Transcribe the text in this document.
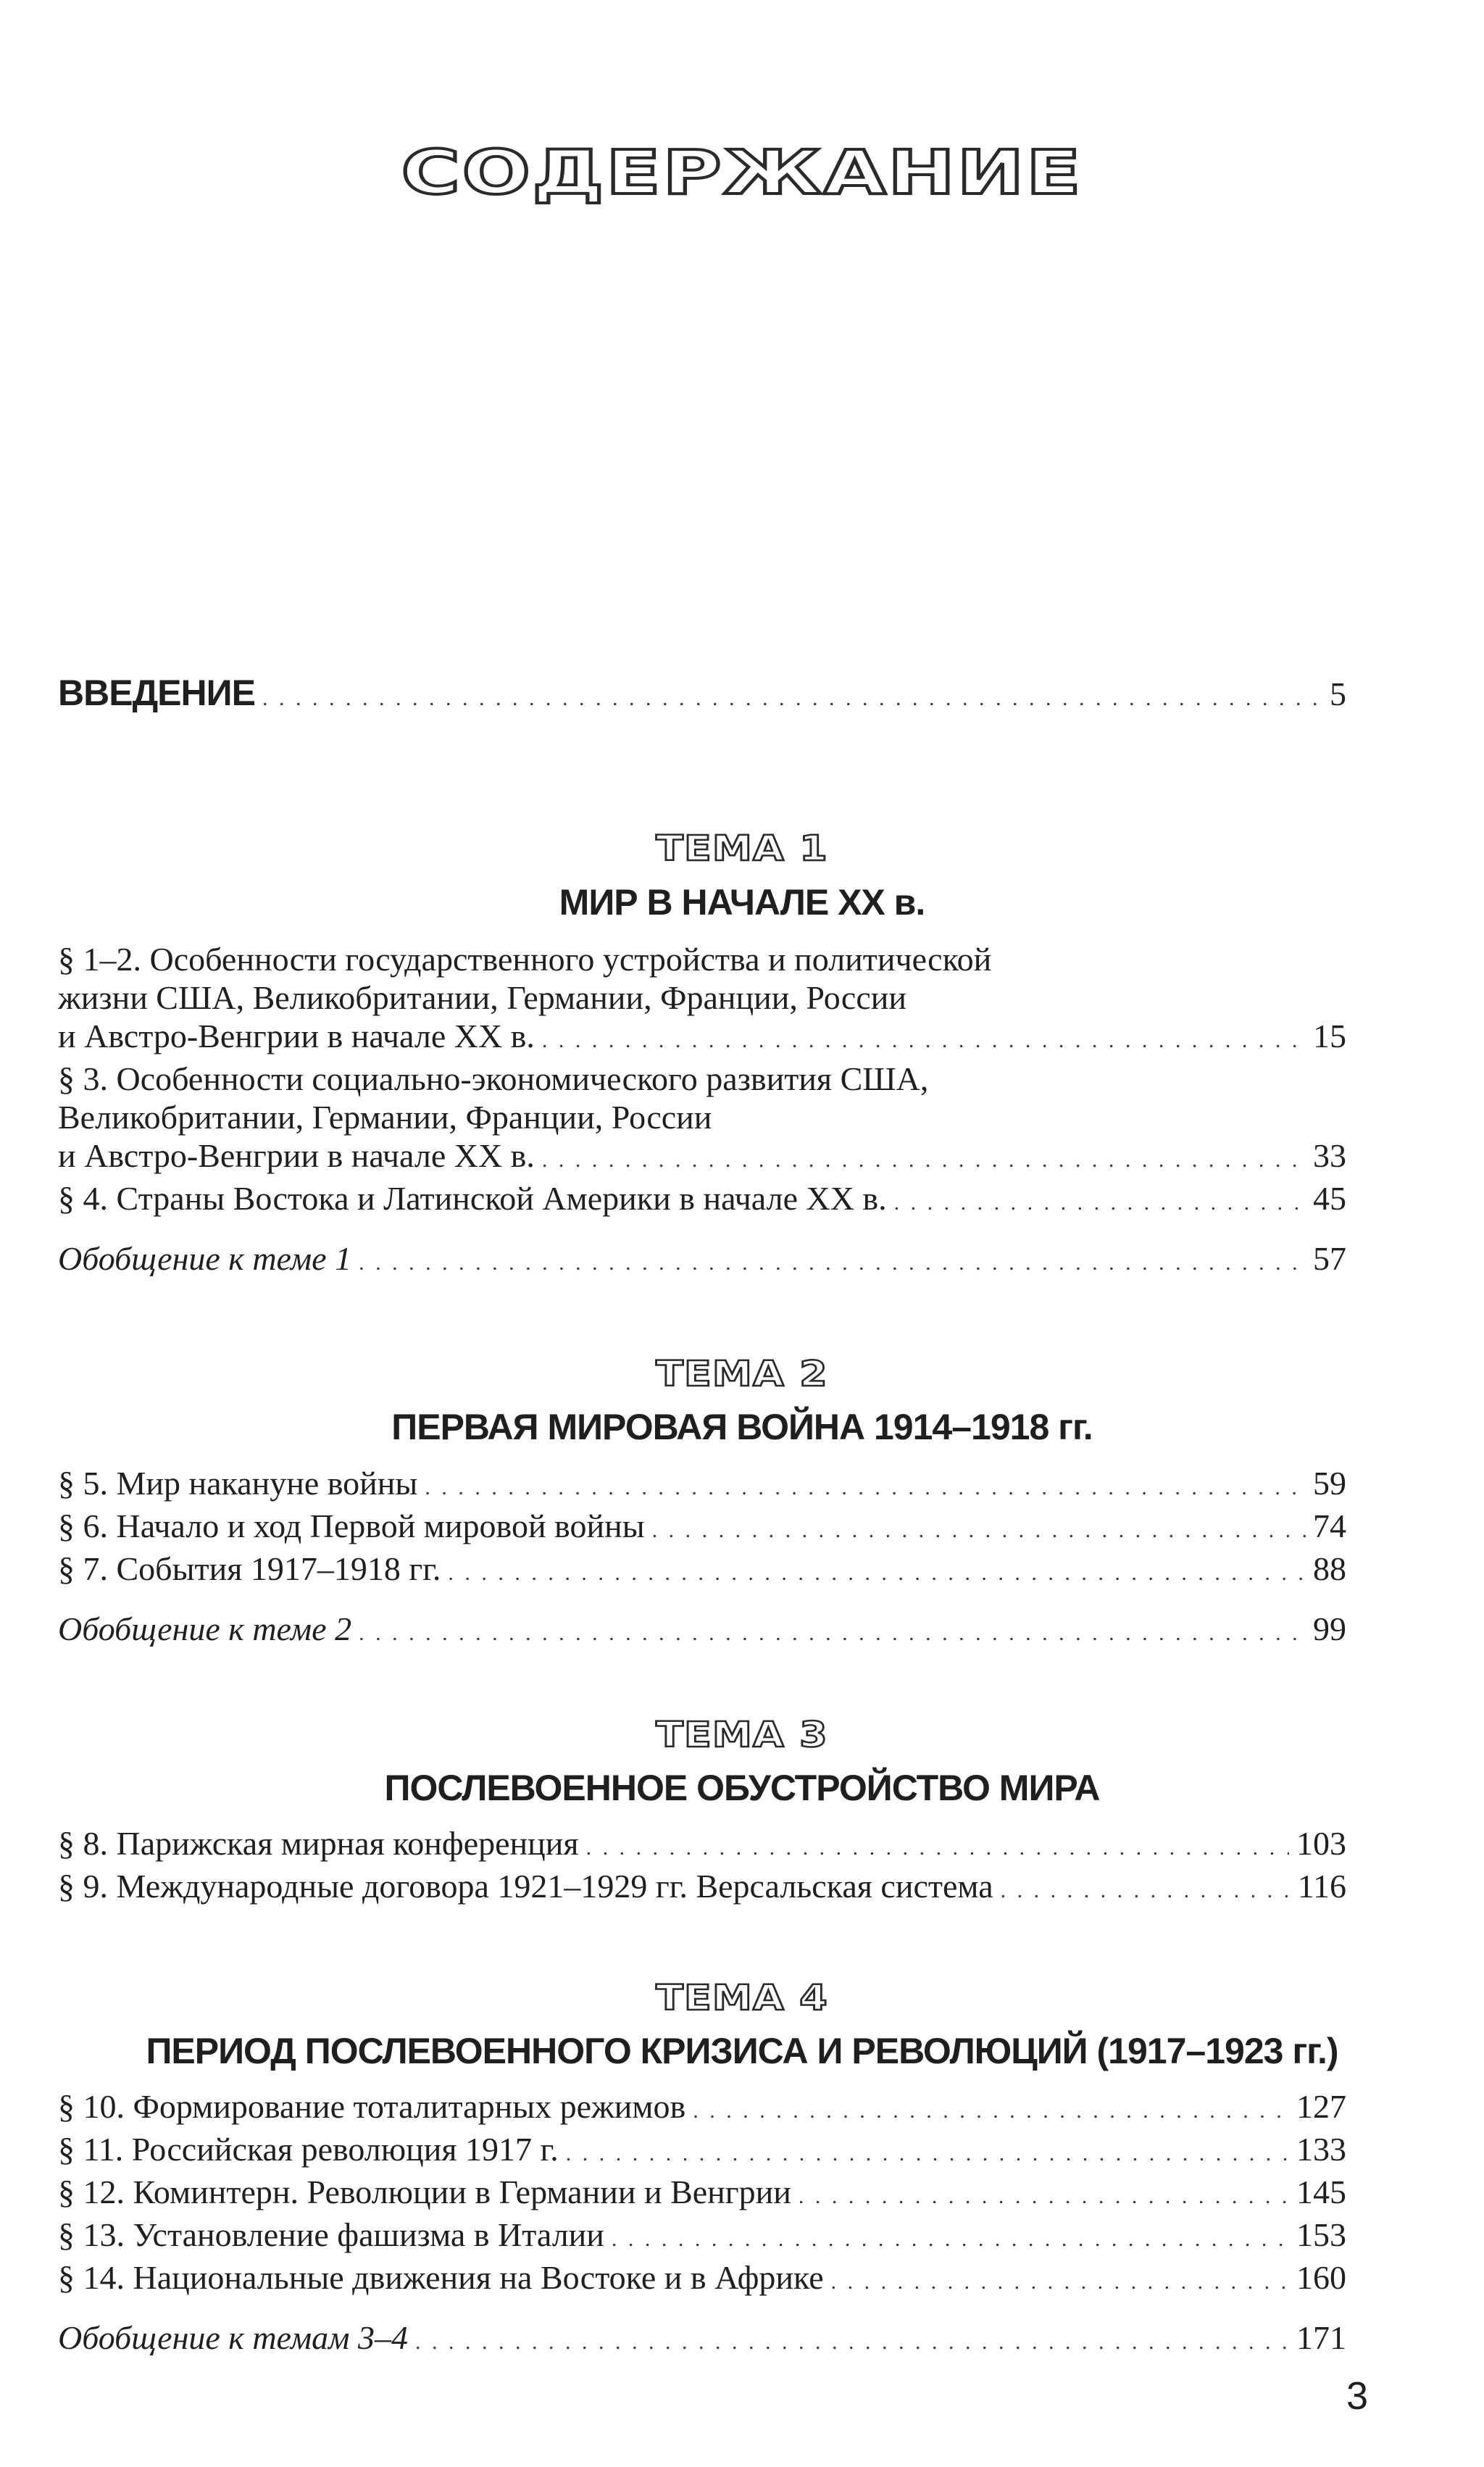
СОДЕРЖАНИЕ
ВВЕДЕНИЕ . . .	5
ТЕМА 1
МИР В НАЧАЛЕ XX в.
§ 1–2. Особенности государственного устройства и политической
жизни США, Великобритании, Германии, Франции, России
и Австро-Венгрии в начале XX в. . . .	15
§ 3. Особенности социально-экономического развития США,
Великобритании, Германии, Франции, России
и Австро-Венгрии в начале XX в. . . .	33
§ 4. Страны Востока и Латинской Америки в начале XX в. . . .	45
Обобщение к теме 1 . . .	57
ТЕМА 2
ПЕРВАЯ МИРОВАЯ ВОЙНА 1914–1918 гг.
§ 5. Мир накануне войны . . .	59
§ 6. Начало и ход Первой мировой войны . . .	74
§ 7. События 1917–1918 гг. . . .	88
Обобщение к теме 2 . . .	99
ТЕМА 3
ПОСЛЕВОЕННОЕ ОБУСТРОЙСТВО МИРА
§ 8. Парижская мирная конференция . . .	103
§ 9. Международные договора 1921–1929 гг. Версальская система . . .	116
ТЕМА 4
ПЕРИОД ПОСЛЕВОЕННОГО КРИЗИСА И РЕВОЛЮЦИЙ (1917–1923 гг.)
§ 10. Формирование тоталитарных режимов . . .	127
§ 11. Российская революция 1917 г. . . .	133
§ 12. Коминтерн. Революции в Германии и Венгрии . . .	145
§ 13. Установление фашизма в Италии . . .	153
§ 14. Национальные движения на Востоке и в Африке . . .	160
Обобщение к темам 3–4 . . .	171
3
